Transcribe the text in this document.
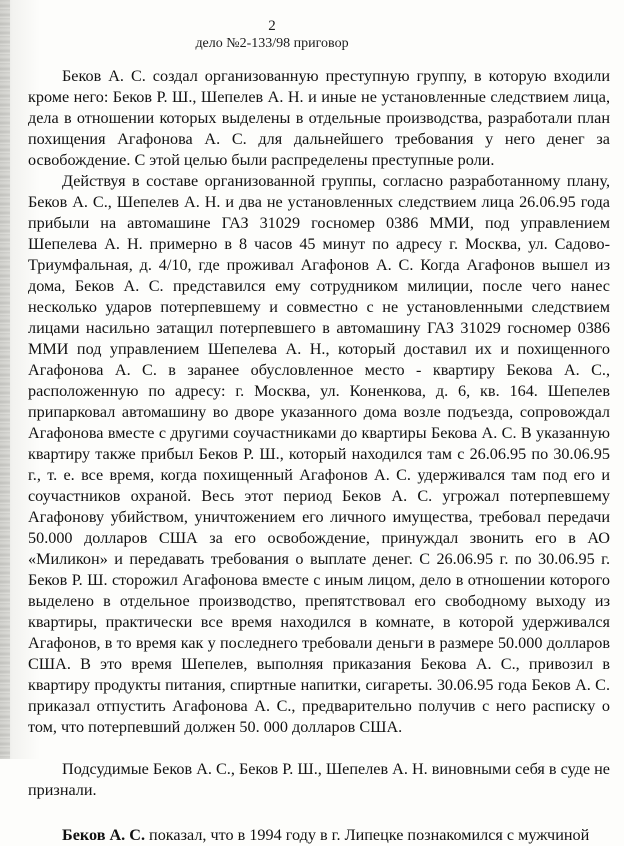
2
дело №2-133/98 приговор

Беков А. С. создал организованную преступную группу, в которую входили кроме него: Беков Р. Ш., Шепелев А. Н. и иные не установленные следствием лица, дела в отношении которых выделены в отдельные производства, разработали план похищения Агафонова А. С. для дальнейшего требования у него денег за освобождение. С этой целью были распределены преступные роли.

Действуя в составе организованной группы, согласно разработанному плану, Беков А. С., Шепелев А. Н. и два не установленных следствием лица 26.06.95 года прибыли на автомашине ГАЗ 31029 госномер 0386 ММИ, под управлением Шепелева А. Н. примерно в 8 часов 45 минут по адресу г. Москва, ул. Садово-Триумфальная, д. 4/10, где проживал Агафонов А. С. Когда Агафонов вышел из дома, Беков А. С. представился ему сотрудником милиции, после чего нанес несколько ударов потерпевшему и совместно с не установленными следствием лицами насильно затащил потерпевшего в автомашину ГАЗ 31029 госномер 0386 ММИ под управлением Шепелева А. Н., который доставил их и похищенного Агафонова А. С. в заранее обусловленное место - квартиру Бекова А. С., расположенную по адресу: г. Москва, ул. Коненкова, д. 6, кв. 164. Шепелев припарковал автомашину во дворе указанного дома возле подъезда, сопровождал Агафонова вместе с другими соучастниками до квартиры Бекова А. С. В указанную квартиру также прибыл Беков Р. Ш., который находился там с 26.06.95 по 30.06.95 г., т. е. все время, когда похищенный Агафонов А. С. удерживался там под его и соучастников охраной. Весь этот период Беков А. С. угрожал потерпевшему Агафонову убийством, уничтожением его личного имущества, требовал передачи 50.000 долларов США за его освобождение, принуждал звонить его в АО «Миликон» и передавать требования о выплате денег. С 26.06.95 г. по 30.06.95 г. Беков Р. Ш. сторожил Агафонова вместе с иным лицом, дело в отношении которого выделено в отдельное производство, препятствовал его свободному выходу из квартиры, практически все время находился в комнате, в которой удерживался Агафонов, в то время как у последнего требовали деньги в размере 50.000 долларов США. В это время Шепелев, выполняя приказания Бекова А. С., привозил в квартиру продукты питания, спиртные напитки, сигареты. 30.06.95 года Беков А. С. приказал отпустить Агафонова А. С., предварительно получив с него расписку о том, что потерпевший должен 50. 000 долларов США.

Подсудимые Беков А. С., Беков Р. Ш., Шепелев А. Н. виновными себя в суде не признали.

Беков А. С. показал, что в 1994 году в г. Липецке познакомился с мужчиной
